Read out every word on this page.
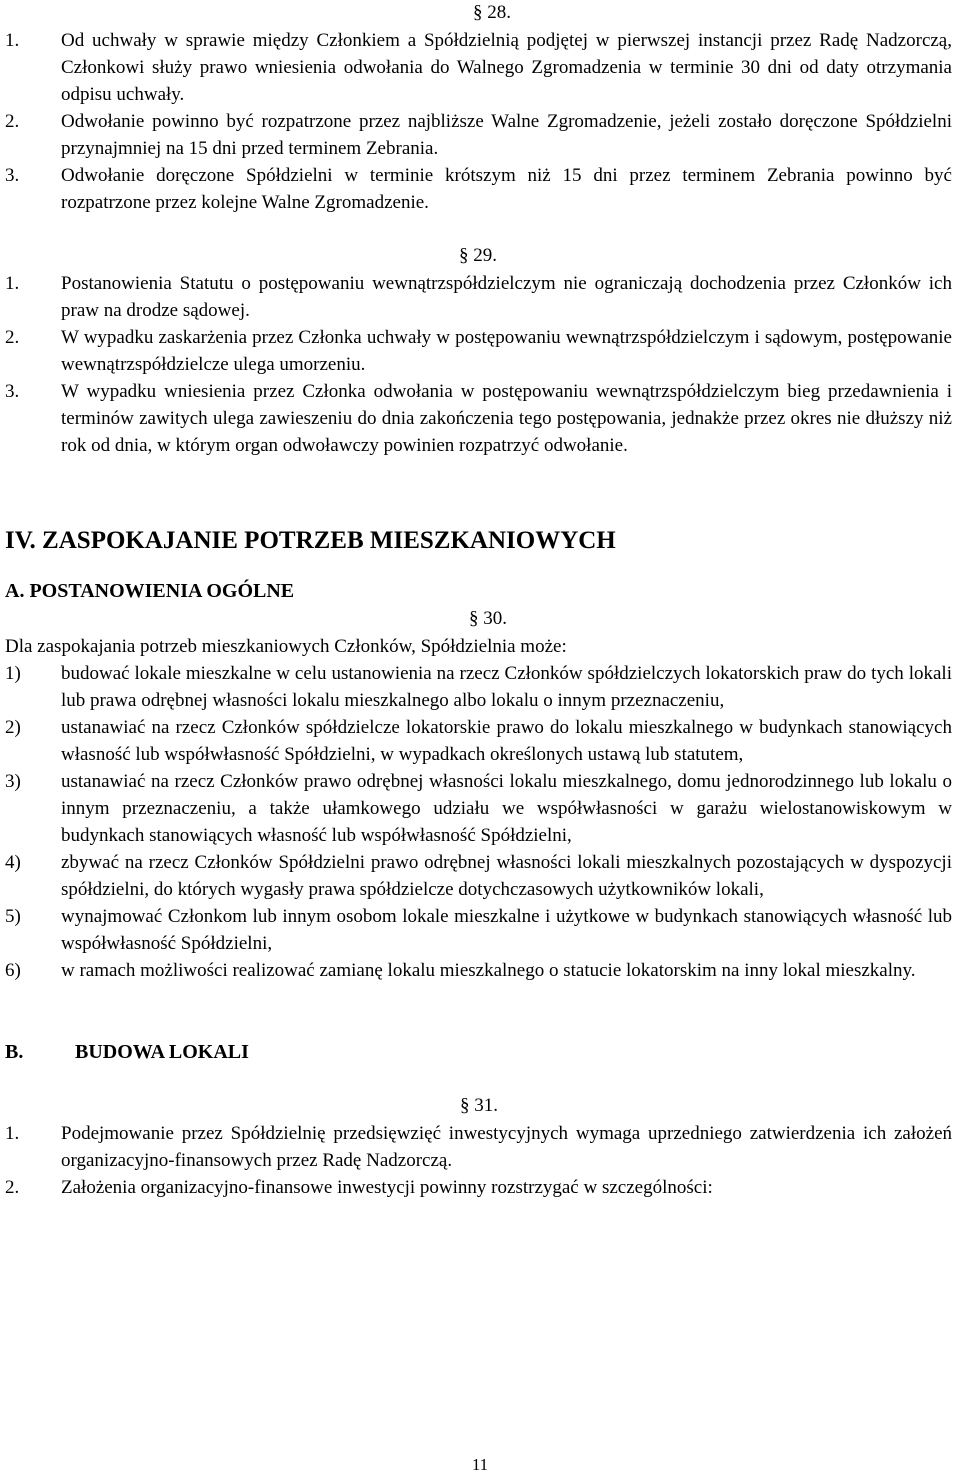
§ 28.
1. Od uchwały w sprawie między Członkiem a Spółdzielnią podjętej w pierwszej instancji przez Radę Nadzorczą, Członkowi służy prawo wniesienia odwołania do Walnego Zgromadzenia w terminie 30 dni od daty otrzymania odpisu uchwały.
2. Odwołanie powinno być rozpatrzone przez najbliższe Walne Zgromadzenie, jeżeli zostało doręczone Spółdzielni przynajmniej na 15 dni przed terminem Zebrania.
3. Odwołanie doręczone Spółdzielni w terminie krótszym niż 15 dni przez terminem Zebrania powinno być rozpatrzone przez kolejne Walne Zgromadzenie.
§ 29.
1. Postanowienia Statutu o postępowaniu wewnątrzspółdzielczym nie ograniczają dochodzenia przez Członków ich praw na drodze sądowej.
2. W wypadku zaskarżenia przez Członka uchwały w postępowaniu wewnątrzspółdzielczym i sądowym, postępowanie wewnątrzspółdzielcze ulega umorzeniu.
3. W wypadku wniesienia przez Członka odwołania w postępowaniu wewnątrzspółdzielczym bieg przedawnienia i terminów zawitych ulega zawieszeniu do dnia zakończenia tego postępowania, jednakże przez okres nie dłuższy niż rok od dnia, w którym organ odwoławczy powinien rozpatrzyć odwołanie.
IV. ZASPOKAJANIE POTRZEB MIESZKANIOWYCH
A. POSTANOWIENIA OGÓLNE
§ 30.
Dla zaspokajania potrzeb mieszkaniowych Członków, Spółdzielnia może:
1) budować lokale mieszkalne w celu ustanowienia na rzecz Członków spółdzielczych lokatorskich praw do tych lokali lub prawa odrębnej własności lokalu mieszkalnego albo lokalu o innym przeznaczeniu,
2) ustanawiać na rzecz Członków spółdzielcze lokatorskie prawo do lokalu mieszkalnego w budynkach stanowiących własność lub współwłasność Spółdzielni, w wypadkach określonych ustawą lub statutem,
3) ustanawiać na rzecz Członków prawo odrębnej własności lokalu mieszkalnego, domu jednorodzinnego lub lokalu o innym przeznaczeniu, a także ułamkowego udziału we współwłasności w garażu wielostanowiskowym w budynkach stanowiących własność lub współwłasność Spółdzielni,
4) zbywać na rzecz Członków Spółdzielni prawo odrębnej własności lokali mieszkalnych pozostających w dyspozycji spółdzielni, do których wygasły prawa spółdzielcze dotychczasowych użytkowników lokali,
5) wynajmować Członkom lub innym osobom lokale mieszkalne i użytkowe w budynkach stanowiących własność lub współwłasność Spółdzielni,
6) w ramach możliwości realizować zamianę lokalu mieszkalnego o statucie lokatorskim na inny lokal mieszkalny.
B.	BUDOWA LOKALI
§ 31.
1. Podejmowanie przez Spółdzielnię przedsięwzięć inwestycyjnych wymaga uprzedniego zatwierdzenia ich założeń organizacyjno-finansowych przez Radę Nadzorczą.
2. Założenia organizacyjno-finansowe inwestycji powinny rozstrzygać w szczególności:
11
